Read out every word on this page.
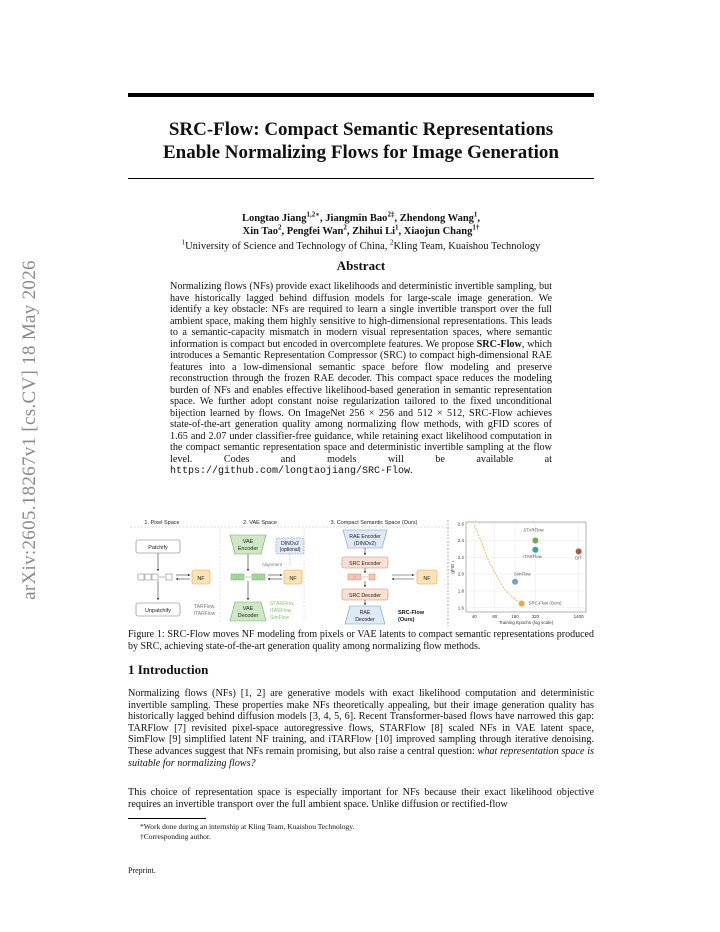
arXiv:2605.18267v1 [cs.CV] 18 May 2026
SRC-Flow: Compact Semantic Representations
Enable Normalizing Flows for Image Generation
Longtao Jiang$^{1,2∗}$, Jiangmin Bao$^{2\ddagger}$, Zhendong Wang$^1$,
Xin Tao$^2$, Pengfei Wan$^2$, Zhihui Li$^1$, Xiaojun Chang$^{1\dagger}$
$^1$University of Science and Technology of China, $^2$Kling Team, Kuaishou Technology
Abstract
Normalizing flows (NFs) provide exact likelihoods and deterministic invertible sampling, but have historically lagged behind diffusion models for large-scale image generation. We identify a key obstacle: NFs are required to learn a single invertible transport over the full ambient space, making them highly sensitive to high-dimensional representations. This leads to a semantic-capacity mismatch in modern visual representation spaces, where semantic information is compact but encoded in overcomplete features. We propose SRC-Flow, which introduces a Semantic Representation Compressor (SRC) to compact high-dimensional RAE features into a low-dimensional semantic space before flow modeling and preserve reconstruction through the frozen RAE decoder. This compact space reduces the modeling burden of NFs and enables effective likelihood-based generation in semantic representation space. We further adopt constant noise regularization tailored to the fixed unconditional bijection learned by flows. On ImageNet 256 × 256 and 512 × 512, SRC-Flow achieves state-of-the-art generation quality among normalizing flow methods, with gFID scores of 1.65 and 2.07 under classifier-free guidance, while retaining exact likelihood computation in the compact semantic representation space and deterministic invertible sampling at the flow level. Codes and models will be available at https://github.com/longtaojiang/SRC-Flow.
1. Pixel Space	2. VAE Space	3. Compact Semantic Space (Ours)
Patchify
NF
Unpatchify
TARFlow,
iTARFlow
VAE
Encoder
DINOv2
(optional)
Alignment
NF
VAE
Decoder
STARFlow,
iTARFlow,
SimFlow
RAE Encoder
(DINOv2)
SRC Encoder
NF
SRC Decoder
RAE
Decoder
SRC-Flow
(Ours)
1.6
1.8
2.0
2.2
2.4
2.6
40	80	160	320	1400
Training Epochs (log scale)
gFID ↓
STARFlow
iTARFlow	DiT
SimFlow
SRC-Flow (Ours)
Figure 1: SRC-Flow moves NF modeling from pixels or VAE latents to compact semantic representations produced by SRC, achieving state-of-the-art generation quality among normalizing flow methods.
1 Introduction
Normalizing flows (NFs) [1, 2] are generative models with exact likelihood computation and deterministic invertible sampling. These properties make NFs theoretically appealing, but their image generation quality has historically lagged behind diffusion models [3, 4, 5, 6]. Recent Transformer-based flows have narrowed this gap: TARFlow [7] revisited pixel-space autoregressive flows, STARFlow [8] scaled NFs in VAE latent space, SimFlow [9] simplified latent NF training, and iTARFlow [10] improved sampling through iterative denoising. These advances suggest that NFs remain promising, but also raise a central question: what representation space is suitable for normalizing flows?
This choice of representation space is especially important for NFs because their exact likelihood objective requires an invertible transport over the full ambient space. Unlike diffusion or rectified-flow
*Work done during an internship at Kling Team, Kuaishou Technology.
†Corresponding author.
Preprint.
